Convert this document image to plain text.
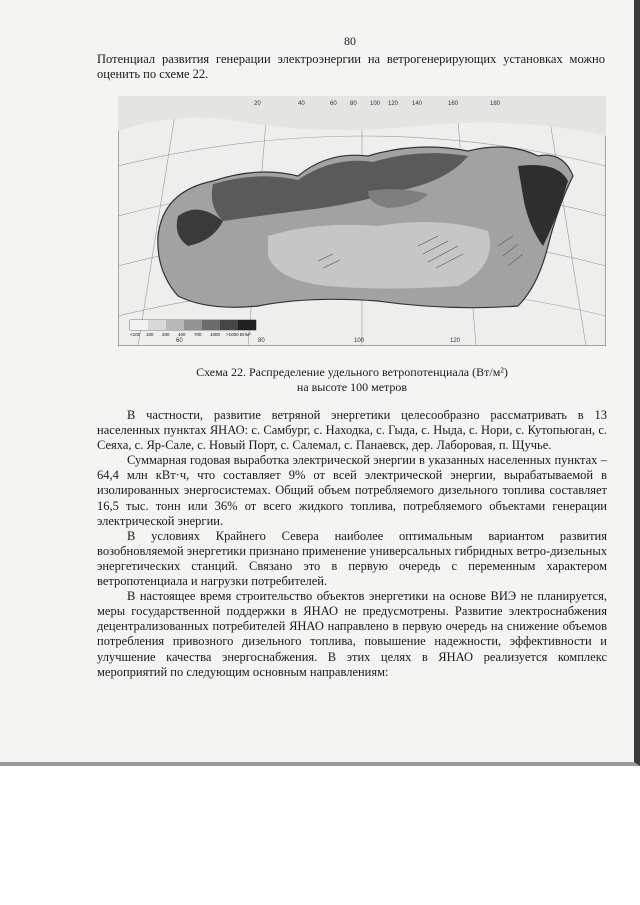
80

Потенциал развития генерации электроэнергии на ветрогенерирующих установках можно оценить по схеме 22.

20	40	60 80 100 120 140	160	180
60	80	100	120
<100 100 200 400 700 1000 >1000 Вт/м²
Схема 22. Распределение удельного ветропотенциала (Вт/м²)
на высоте 100 метров

В частности, развитие ветряной энергетики целесообразно рассматривать в 13 населенных пунктах ЯНАО: с. Самбург, с. Находка, с. Гыда, с. Ныда, с. Нори, с. Кутопьюган, с. Сеяха, с. Яр-Сале, с. Новый Порт, с. Салемал, с. Панаевск, дер. Лаборовая, п. Щучье.

Суммарная годовая выработка электрической энергии в указанных населенных пунктах – 64,4 млн кВт·ч, что составляет 9% от всей электрической энергии, вырабатываемой в изолированных энергосистемах. Общий объем потребляемого дизельного топлива составляет 16,5 тыс. тонн или 36% от всего жидкого топлива, потребляемого объектами генерации электрической энергии.

В условиях Крайнего Севера наиболее оптимальным вариантом развития возобновляемой энергетики признано применение универсальных гибридных ветро-дизельных энергетических станций. Связано это в первую очередь с переменным характером ветропотенциала и нагрузки потребителей.

В настоящее время строительство объектов энергетики на основе ВИЭ не планируется, меры государственной поддержки в ЯНАО не предусмотрены. Развитие электроснабжения децентрализованных потребителей ЯНАО направлено в первую очередь на снижение объемов потребления привозного дизельного топлива, повышение надежности, эффективности и улучшение качества энергоснабжения. В этих целях в ЯНАО реализуется комплекс мероприятий по следующим основным направлениям:
